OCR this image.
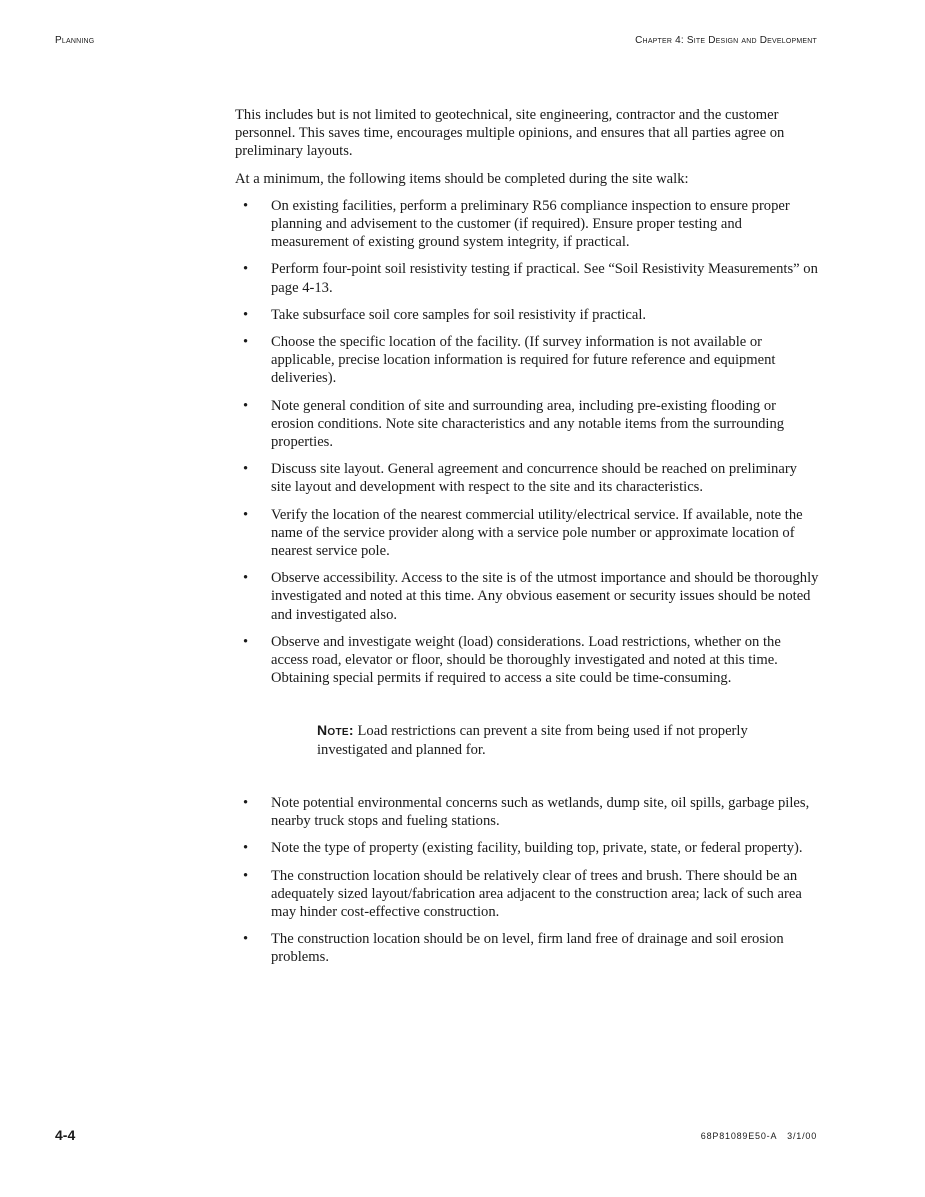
Planning	Chapter 4: Site Design and Development

This includes but is not limited to geotechnical, site engineering, contractor and the customer personnel. This saves time, encourages multiple opinions, and ensures that all parties agree on preliminary layouts.

At a minimum, the following items should be completed during the site walk:

•	On existing facilities, perform a preliminary R56 compliance inspection to ensure proper planning and advisement to the customer (if required). Ensure proper testing and measurement of existing ground system integrity, if practical.
•	Perform four-point soil resistivity testing if practical. See “Soil Resistivity Measurements” on page 4-13.
•	Take subsurface soil core samples for soil resistivity if practical.
•	Choose the specific location of the facility. (If survey information is not available or applicable, precise location information is required for future reference and equipment deliveries).
•	Note general condition of site and surrounding area, including pre-existing flooding or erosion conditions. Note site characteristics and any notable items from the surrounding properties.
•	Discuss site layout. General agreement and concurrence should be reached on preliminary site layout and development with respect to the site and its characteristics.
•	Verify the location of the nearest commercial utility/electrical service. If available, note the name of the service provider along with a service pole number or approximate location of nearest service pole.
•	Observe accessibility. Access to the site is of the utmost importance and should be thoroughly investigated and noted at this time. Any obvious easement or security issues should be noted and investigated also.
•	Observe and investigate weight (load) considerations. Load restrictions, whether on the access road, elevator or floor, should be thoroughly investigated and noted at this time. Obtaining special permits if required to access a site could be time-consuming.
Note: Load restrictions can prevent a site from being used if not properly investigated and planned for.
•	Note potential environmental concerns such as wetlands, dump site, oil spills, garbage piles, nearby truck stops and fueling stations.
•	Note the type of property (existing facility, building top, private, state, or federal property).
•	The construction location should be relatively clear of trees and brush. There should be an adequately sized layout/fabrication area adjacent to the construction area; lack of such area may hinder cost-effective construction.
•	The construction location should be on level, firm land free of drainage and soil erosion problems.
4-4	68P81089E50-A 3/1/00
